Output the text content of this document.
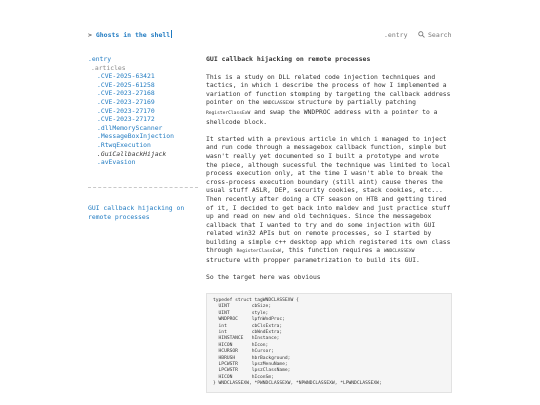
> Ghosts in the shell	.entry	Search
.entry
.articles
.CVE-2025-63421
.CVE-2025-61258
.CVE-2023-27168
.CVE-2023-27169
.CVE-2023-27170
.CVE-2023-27172
.dllMemoryScanner
.MessageBoxInjection
.RtwqExecution
.GuiCallbackHijack
.avEvasion
GUI callback hijacking on remote processes
GUI callback hijacking on remote processes

This is a study on DLL related code injection techniques and tactics, in which i describe the process of how I implemented a variation of function stomping by targeting the callback address pointer on the WNDCLASSEXW structure by partially patching RegisterClassExW and swap the WNDPROC address with a pointer to a shellcode block.

It started with a previous article in which i managed to inject and run code through a messagebox callback function, simple but wasn't really yet documented so I built a prototype and wrote the piece, although sucessful the technique was limited to local process execution only, at the time I wasn't able to break the cross-process execution boundary (still aint) cause theres the usual stuff ASLR, DEP, security cookies, stack cookies, etc... Then recently after doing a CTF season on HTB and getting tired of it, I decided to get back into maldev and just practice stuff up and read on new and old techniques. Since the messagebox callback that I wanted to try and do some injection with GUI related win32 APIs but on remote processes, so I started by building a simple c++ desktop app which registered its own class through RegisterClassExW, this function requires a WNDCLASSEXW structure with propper parametrization to build its GUI.

So the target here was obvious

typedef struct tagWNDCLASSEXW {
UINT        cbSize;
UINT        style;
WNDPROC     lpfnWndProc;
int         cbClsExtra;
int         cbWndExtra;
HINSTANCE   hInstance;
HICON       hIcon;
HCURSOR     hCursor;
HBRUSH      hbrBackground;
LPCWSTR     lpszMenuName;
LPCWSTR     lpszClassName;
HICON       hIconSm;
} WNDCLASSEXW, *PWNDCLASSEXW, *NPWNDCLASSEXW, *LPWNDCLASSEXW;
